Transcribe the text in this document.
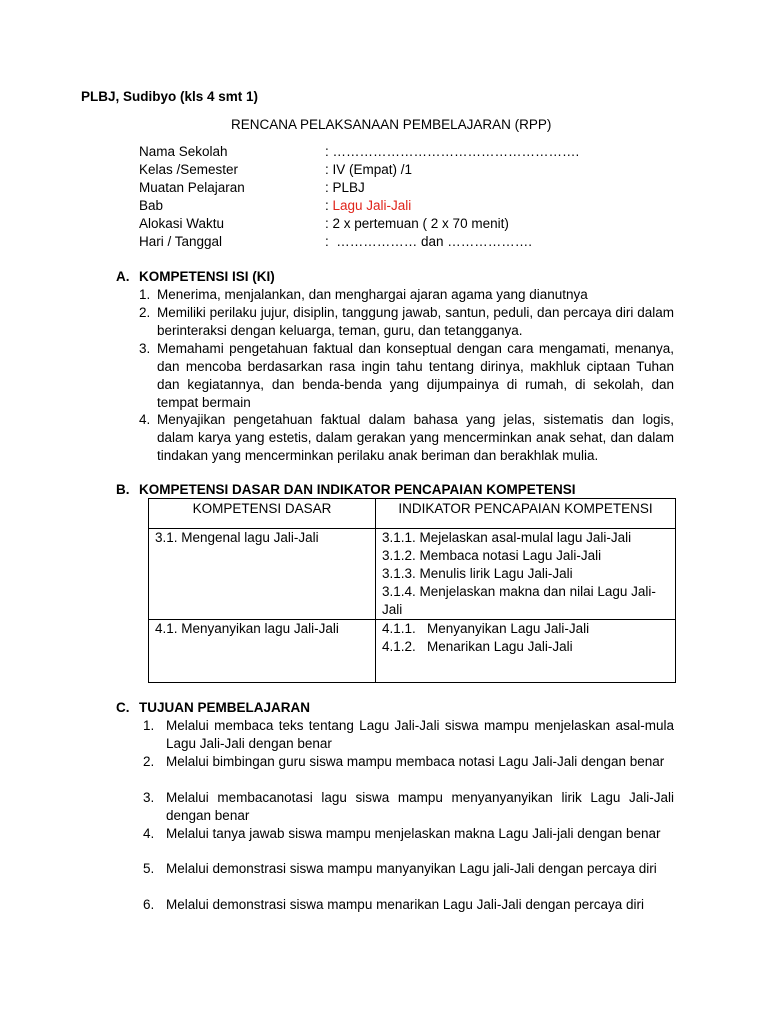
PLBJ, Sudibyo (kls 4 smt 1)
RENCANA PELAKSANAAN PEMBELAJARAN (RPP)
Nama Sekolah	: ……………………………………………….
Kelas /Semester	: IV (Empat) /1
Muatan Pelajaran	: PLBJ
Bab	: Lagu Jali-Jali
Alokasi Waktu	: 2 x pertemuan ( 2 x 70 menit)
Hari / Tanggal	:  ……………… dan ……………….
A. KOMPETENSI ISI (KI)
1. Menerima, menjalankan, dan menghargai ajaran agama yang dianutnya
2. Memiliki perilaku jujur, disiplin, tanggung jawab, santun, peduli, dan percaya diri dalam berinteraksi dengan keluarga, teman, guru, dan tetangganya.
3. Memahami pengetahuan faktual dan konseptual dengan cara mengamati, menanya, dan mencoba berdasarkan rasa ingin tahu tentang dirinya, makhluk ciptaan Tuhan dan kegiatannya, dan benda-benda yang dijumpainya di rumah, di sekolah, dan tempat bermain
4. Menyajikan pengetahuan faktual dalam bahasa yang jelas, sistematis dan logis, dalam karya yang estetis, dalam gerakan yang mencerminkan anak sehat, dan dalam tindakan yang mencerminkan perilaku anak beriman dan berakhlak mulia.
B. KOMPETENSI DASAR DAN INDIKATOR PENCAPAIAN KOMPETENSI
KOMPETENSI DASAR	INDIKATOR PENCAPAIAN KOMPETENSI

3.1. Mengenal lagu Jali-Jali	3.1.1. Mejelaskan asal-mulal lagu Jali-Jali
3.1.2. Membaca notasi Lagu Jali-Jali
3.1.3. Menulis lirik Lagu Jali-Jali
3.1.4. Menjelaskan makna dan nilai Lagu Jali-Jali

4.1. Menyanyikan lagu Jali-Jali	4.1.1.   Menyanyikan Lagu Jali-Jali
4.1.2.   Menarikan Lagu Jali-Jali
C. TUJUAN PEMBELAJARAN
1. Melalui membaca teks tentang Lagu Jali-Jali siswa mampu menjelaskan asal-mula Lagu Jali-Jali dengan benar
2. Melalui bimbingan guru siswa mampu membaca notasi Lagu Jali-Jali dengan benar
3. Melalui membacanotasi lagu siswa mampu menyanyanyikan lirik Lagu Jali-Jali dengan benar
4. Melalui tanya jawab siswa mampu menjelaskan makna Lagu Jali-jali dengan benar
5. Melalui demonstrasi siswa mampu manyanyikan Lagu jali-Jali dengan percaya diri
6. Melalui demonstrasi siswa mampu menarikan Lagu Jali-Jali dengan percaya diri
